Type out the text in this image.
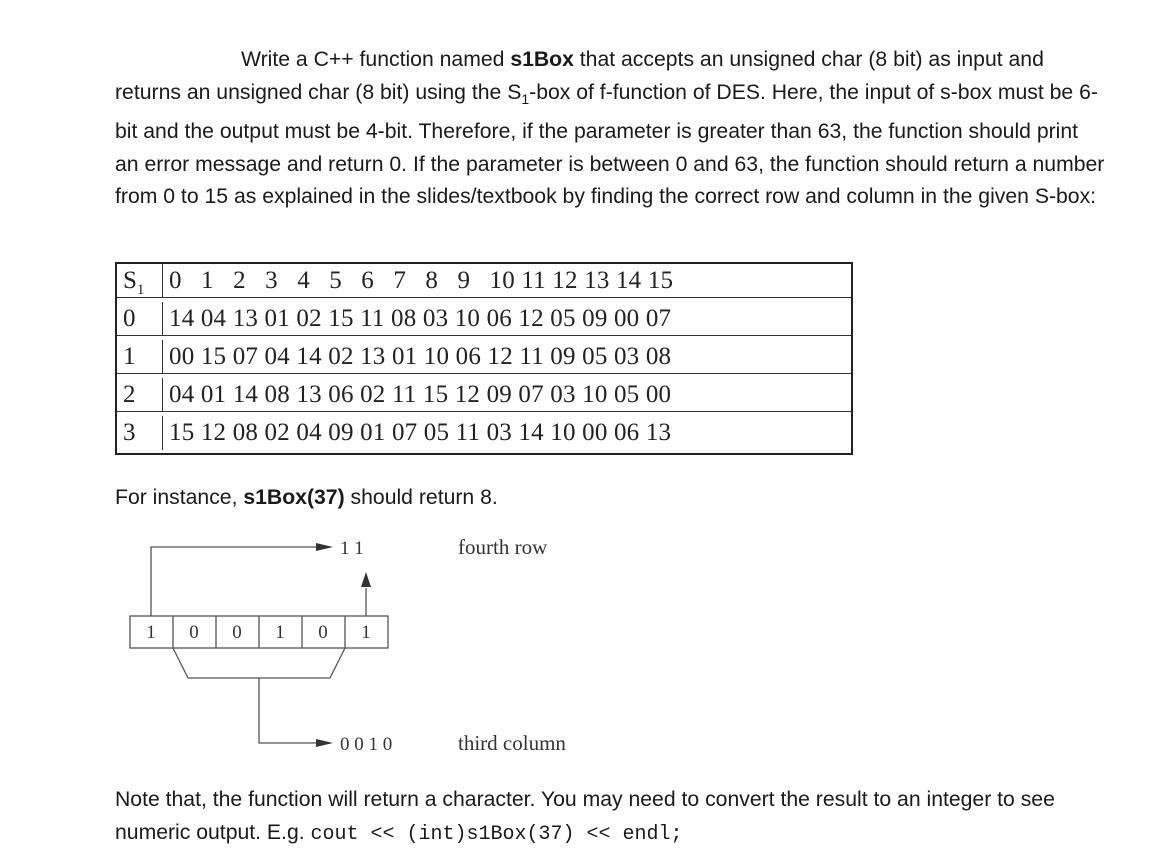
Write a C++ function named s1Box that accepts an unsigned char (8 bit) as input and returns an unsigned char (8 bit) using the $S_1$-box of f-function of DES. Here, the input of s-box must be 6-bit and the output must be 4-bit. Therefore, if the parameter is greater than 63, the function should print an error message and return 0. If the parameter is between 0 and 63, the function should return a number from 0 to 15 as explained in the slides/textbook by finding the correct row and column in the given S-box:
$S_1$ 0   1   2   3   4   5   6   7   8   9   10 11 12 13 14 15
0	14 04 13 01 02 15 11 08 03 10 06 12 05 09 00 07
1	00 15 07 04 14 02 13 01 10 06 12 11 09 05 03 08
2	04 01 14 08 13 06 02 11 15 12 09 07 03 10 05 00
3	15 12 08 02 04 09 01 07 05 11 03 14 10 00 06 13
For instance, s1Box(37) should return 8.
1 0 0 1 0 1
1 1	fourth row
0 0 1 0	third column
Note that, the function will return a character. You may need to convert the result to an integer to see numeric output. E.g. cout << (int)s1Box(37) << endl;
